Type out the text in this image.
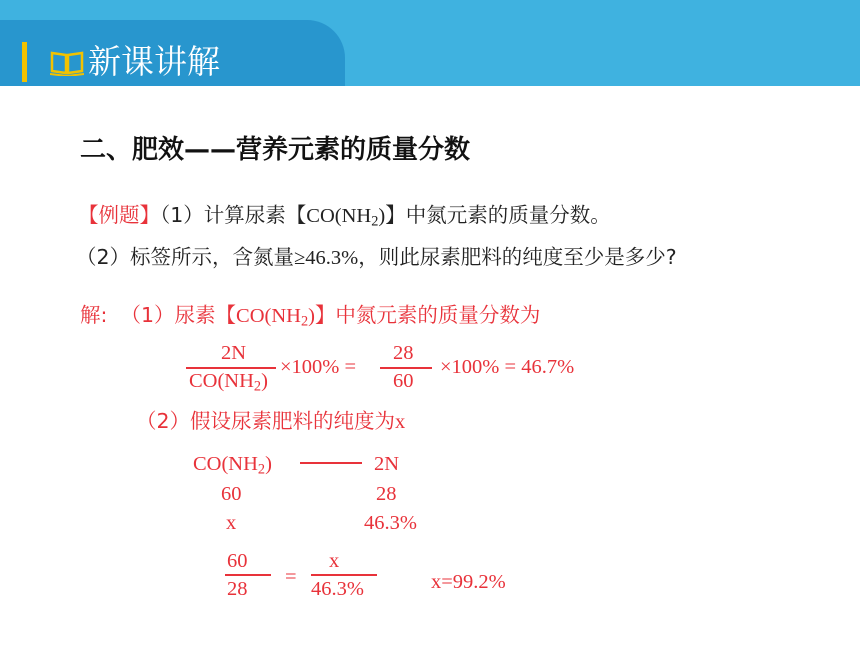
新课讲解
二、肥效——营养元素的质量分数
【例题】（1）计算尿素【$CO(NH_2)$】中氮元素的质量分数。
（2）标签所示，含氮量≥46.3%，则此尿素肥料的纯度至少是多少?
解: （1）尿素【$CO(NH_2)$】中氮元素的质量分数为
2N
$CO(NH_2)$
×100% =
28
60
×100% = 46.7%
（2）假设尿素肥料的纯度为x
$CO(NH_2)$	2N
60	28
x	46.3%
60
28
=
x
46.3%	x=99.2%
